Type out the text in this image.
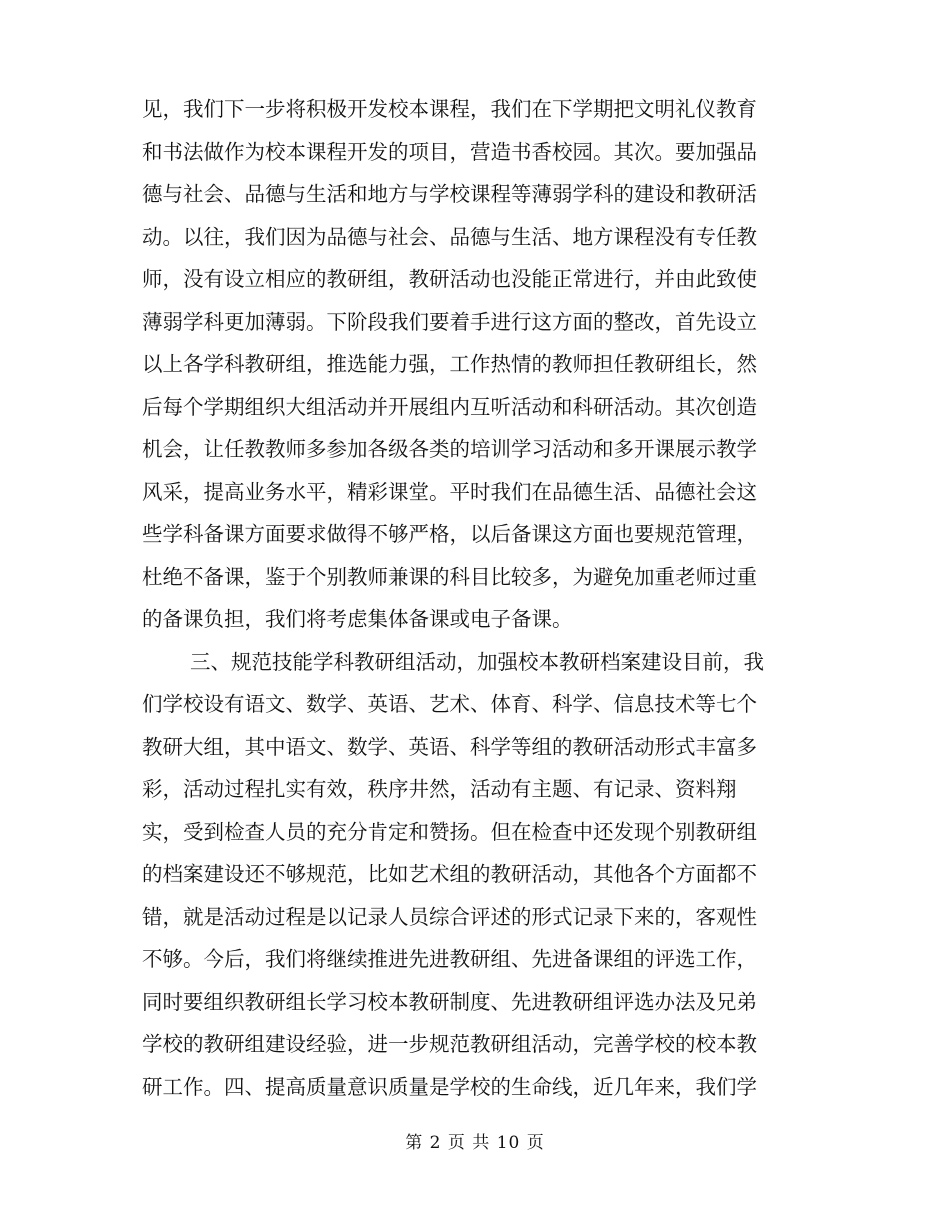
见，我们下一步将积极开发校本课程，我们在下学期把文明礼仪教育
和书法做作为校本课程开发的项目，营造书香校园。其次。要加强品
德与社会、品德与生活和地方与学校课程等薄弱学科的建设和教研活
动。以往，我们因为品德与社会、品德与生活、地方课程没有专任教
师，没有设立相应的教研组，教研活动也没能正常进行，并由此致使
薄弱学科更加薄弱。下阶段我们要着手进行这方面的整改，首先设立
以上各学科教研组，推选能力强，工作热情的教师担任教研组长，然
后每个学期组织大组活动并开展组内互听活动和科研活动。其次创造
机会，让任教教师多参加各级各类的培训学习活动和多开课展示教学
风采，提高业务水平，精彩课堂。平时我们在品德生活、品德社会这
些学科备课方面要求做得不够严格，以后备课这方面也要规范管理，
杜绝不备课，鉴于个别教师兼课的科目比较多，为避免加重老师过重
的备课负担，我们将考虑集体备课或电子备课。
三、规范技能学科教研组活动，加强校本教研档案建设目前，我
们学校设有语文、数学、英语、艺术、体育、科学、信息技术等七个
教研大组，其中语文、数学、英语、科学等组的教研活动形式丰富多
彩，活动过程扎实有效，秩序井然，活动有主题、有记录、资料翔
实，受到检查人员的充分肯定和赞扬。但在检查中还发现个别教研组
的档案建设还不够规范，比如艺术组的教研活动，其他各个方面都不
错，就是活动过程是以记录人员综合评述的形式记录下来的，客观性
不够。今后，我们将继续推进先进教研组、先进备课组的评选工作，
同时要组织教研组长学习校本教研制度、先进教研组评选办法及兄弟
学校的教研组建设经验，进一步规范教研组活动，完善学校的校本教
研工作。四、提高质量意识质量是学校的生命线，近几年来，我们学
第 2 页 共 10 页
